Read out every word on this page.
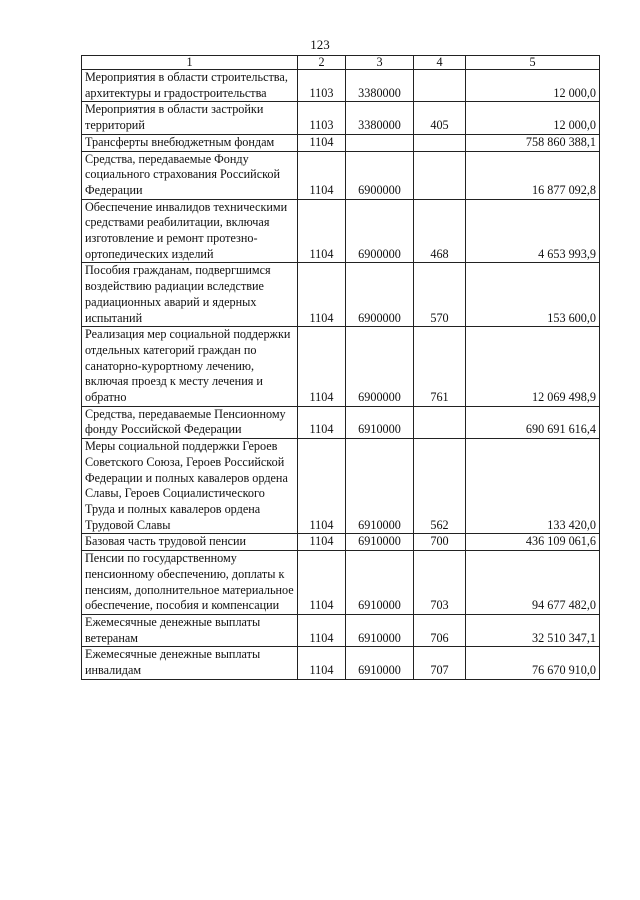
123
1	2	3	4	5
Мероприятия в области строительства, архитектуры и градостроительства	1103	3380000		12 000,0
Мероприятия в области застройки территорий	1103	3380000	405	12 000,0
Трансферты внебюджетным фондам	1104			758 860 388,1
Средства, передаваемые Фонду социального страхования Российской Федерации	1104	6900000		16 877 092,8
Обеспечение инвалидов техническими средствами реабилитации, включая изготовление и ремонт протезно-ортопедических изделий	1104	6900000	468	4 653 993,9
Пособия гражданам, подвергшимся воздействию радиации вследствие радиационных аварий и ядерных испытаний	1104	6900000	570	153 600,0
Реализация мер социальной поддержки отдельных категорий граждан по санаторно-курортному лечению, включая проезд к месту лечения и обратно	1104	6900000	761	12 069 498,9
Средства, передаваемые Пенсионному фонду Российской Федерации	1104	6910000		690 691 616,4
Меры социальной поддержки Героев Советского Союза, Героев Российской Федерации и полных кавалеров ордена Славы, Героев Социалистического Труда и полных кавалеров ордена Трудовой Славы	1104	6910000	562	133 420,0
Базовая часть трудовой пенсии	1104	6910000	700	436 109 061,6
Пенсии по государственному пенсионному обеспечению, доплаты к пенсиям, дополнительное материальное обеспечение, пособия и компенсации	1104	6910000	703	94 677 482,0
Ежемесячные денежные выплаты ветеранам	1104	6910000	706	32 510 347,1
Ежемесячные денежные выплаты инвалидам	1104	6910000	707	76 670 910,0
